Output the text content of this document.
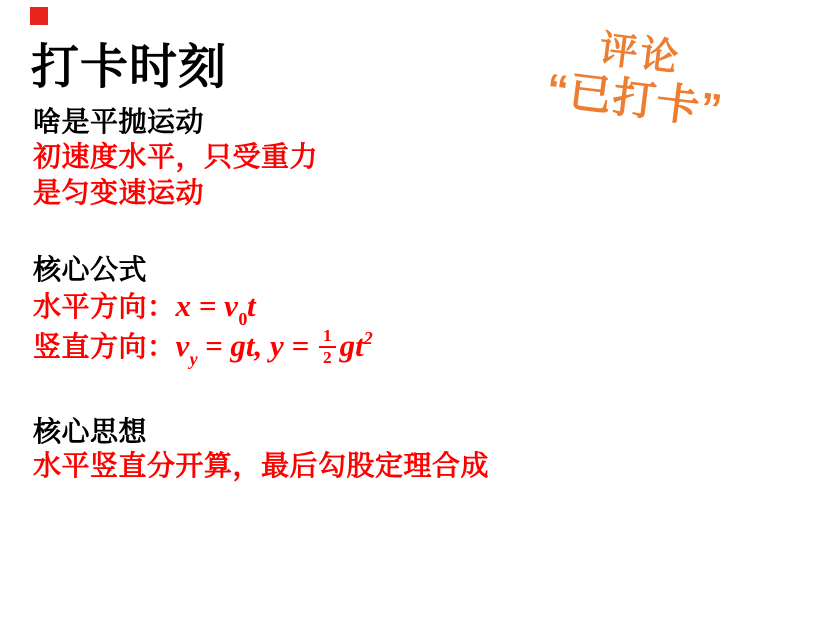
打卡时刻
啥是平抛运动
初速度水平，只受重力
是匀变速运动
核心公式
水平方向：$x = v_0t$
竖直方向：$v_y$ = gt, $y = \frac{1}{2} gt^2$
核心思想
水平竖直分开算，最后勾股定理合成
评论
“已打卡”
